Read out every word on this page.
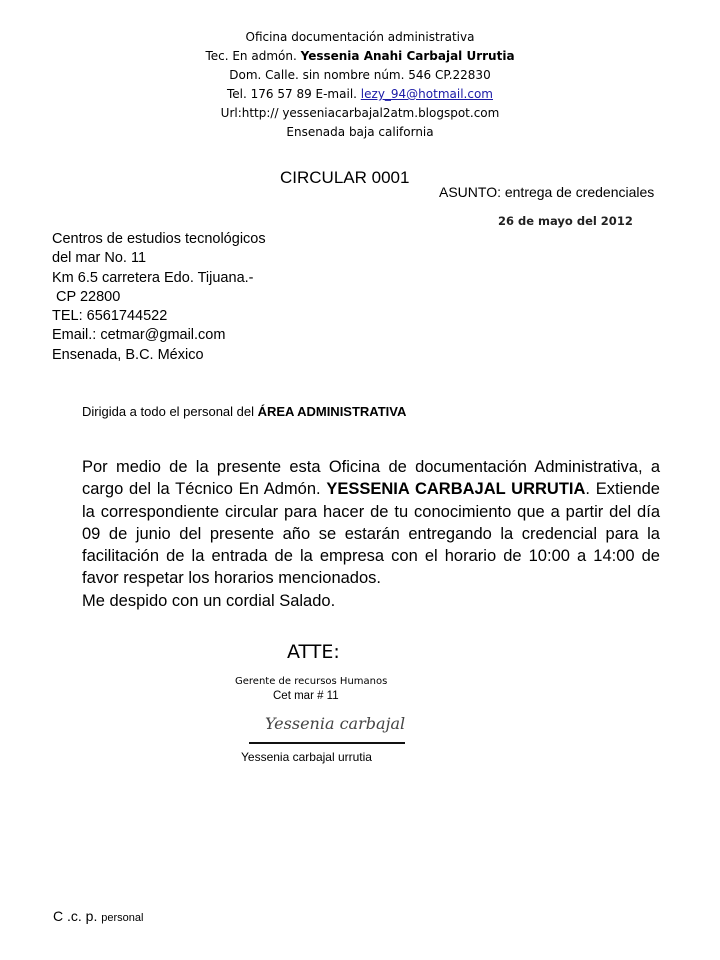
Oficina documentación administrativa
Tec. En admón. Yessenia Anahi Carbajal Urrutia
Dom. Calle. sin nombre núm. 546 CP.22830
Tel. 176 57 89 E-mail. lezy_94@hotmail.com
Url:http:// yesseniacarbajal2atm.blogspot.com
Ensenada baja california
CIRCULAR 0001
ASUNTO: entrega de credenciales
26 de mayo del 2012
Centros de estudios tecnológicos
del mar No. 11
Km 6.5 carretera Edo. Tijuana.-
CP 22800
TEL: 6561744522
Email.: cetmar@gmail.com
Ensenada, B.C. México
Dirigida a todo el personal del ÁREA ADMINISTRATIVA
Por medio de la presente esta Oficina de documentación Administrativa, a cargo del la Técnico En Admón. YESSENIA CARBAJAL URRUTIA. Extiende la correspondiente circular para hacer de tu conocimiento que a partir del día 09 de junio del presente año se estarán entregando la credencial para la facilitación de la entrada de la empresa con el horario de 10:00 a 14:00 de favor respetar los horarios mencionados.
Me despido con un cordial Salado.
ATTE:
Gerente de recursos Humanos
Cet mar # 11
Yessenia carbajal
Yessenia carbajal urrutia
C .c. p. personal
